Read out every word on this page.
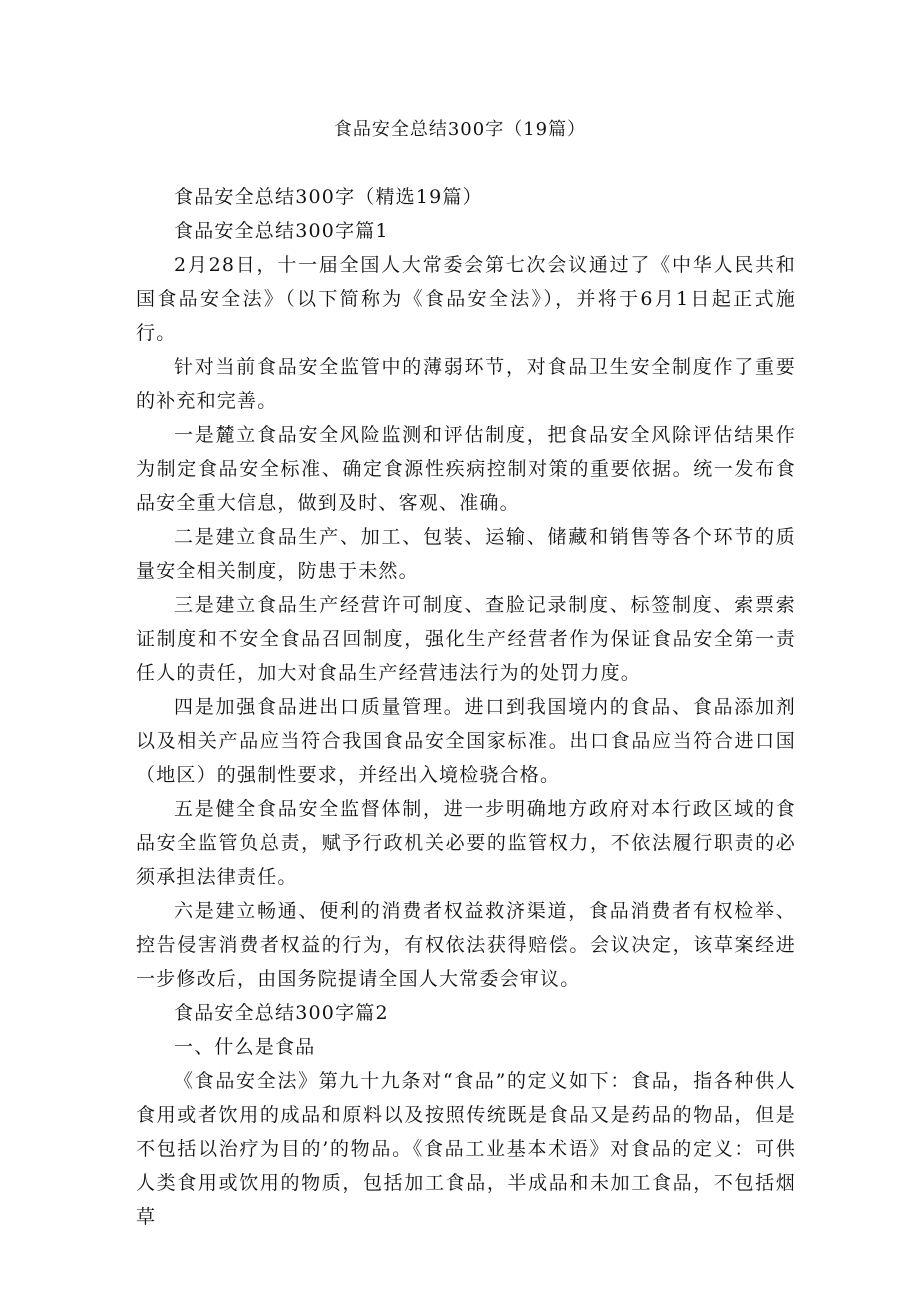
食品安全总结300字（19篇）

食品安全总结300字（精选19篇）

食品安全总结300字篇1

2月28日，十一届全国人大常委会第七次会议通过了《中华人民共和国食品安全法》（以下简称为《食品安全法》），并将于6月1日起正式施行。

针对当前食品安全监管中的薄弱环节，对食品卫生安全制度作了重要的补充和完善。

一是麓立食品安全风险监测和评估制度，把食品安全风除评估结果作为制定食品安全标准、确定食源性疾病控制对策的重要依据。统一发布食品安全重大信息，做到及时、客观、准确。

二是建立食品生产、加工、包装、运输、储藏和销售等各个环节的质量安全相关制度，防患于未然。

三是建立食品生产经营许可制度、查脸记录制度、标签制度、索票索证制度和不安全食品召回制度，强化生产经营者作为保证食品安全第一责任人的责任，加大对食品生产经营违法行为的处罚力度。

四是加强食品进出口质量管理。进口到我国境内的食品、食品添加剂以及相关产品应当符合我国食品安全国家标准。出口食品应当符合进口国（地区）的强制性要求，并经出入境检骁合格。

五是健全食品安全监督体制，进一步明确地方政府对本行政区域的食品安全监管负总责，赋予行政机关必要的监管权力，不依法履行职责的必须承担法律责任。

六是建立畅通、便利的消费者权益救济渠道，食品消费者有权检举、控告侵害消费者权益的行为，有权依法获得赔偿。会议决定，该草案经进一步修改后，由国务院提请全国人大常委会审议。

食品安全总结300字篇2

一、什么是食品

《食品安全法》第九十九条对“食品”的定义如下：食品，指各种供人食用或者饮用的成品和原料以及按照传统既是食品又是药品的物品，但是不包括以治疗为目的’的物品。《食品工业基本术语》对食品的定义：可供人类食用或饮用的物质，包括加工食品，半成品和未加工食品，不包括烟草
